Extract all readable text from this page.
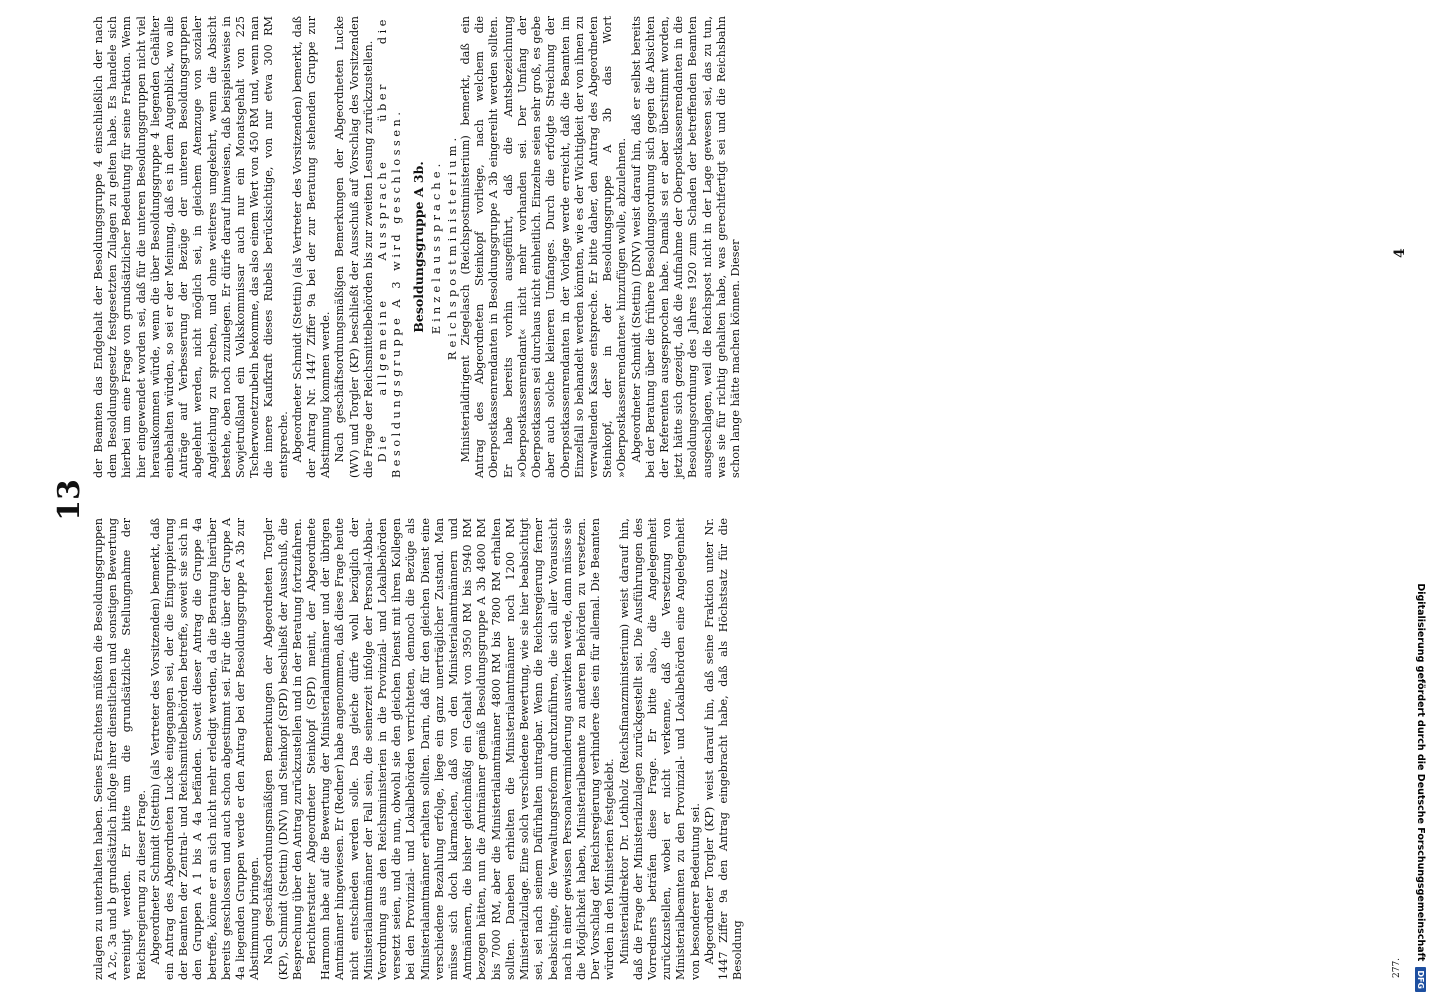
Digitalisierung gefördert durch die Deutsche Forschungsgemeinschaft
DFG
13

zulagen zu unterhalten haben. Seines Erachtens müßten die Besoldungsgruppen A 2c, 3a und b grundsätzlich infolge ihrer dienstlichen und sonstigen Bewertung vereinigt werden. Er bitte um die grundsätzliche Stellungnahme der Reichsregierung zu dieser Frage. Abgeordneter Schmidt (Stettin) (als Vertreter des Vorsitzenden) bemerkt, daß ein Antrag des Abgeordneten Lucke eingegangen sei, der die Eingruppierung der Beamten der Zentral- und Reichsmittelbehörden betreffe, soweit sie sich in den Gruppen A 1 bis A 4a befänden. Soweit dieser Antrag die Gruppe 4a betreffe, könne er an sich nicht mehr erledigt werden, da die Beratung hierüber bereits geschlossen und auch schon abgestimmt sei. Für die über der Gruppe A 4a liegenden Gruppen werde er den Antrag bei der Besoldungsgruppe A 3b zur Abstimmung bringen. Nach geschäftsordnungsmäßigen Bemerkungen der Abgeordneten Torgler (KP), Schmidt (Stettin) (DNV) und Steinkopf (SPD) beschließt der Ausschuß, die Besprechung über den Antrag zurückzustellen und in der Beratung fortzufahren. Berichterstatter Abgeordneter Steinkopf (SPD) meint, der Abgeordnete Harmonn habe auf die Bewertung der Ministerialamtmänner und der übrigen Amtmänner hingewiesen. Er (Redner) habe angenommen, daß diese Frage heute nicht entschieden werden solle. Das gleiche dürfe wohl bezüglich der Ministerialamtmänner der Fall sein, die seinerzeit infolge der Personal-Abbau-Verordnung aus den Reichsministerien in die Provinzial- und Lokalbehörden versetzt seien, und die nun, obwohl sie den gleichen Dienst mit ihren Kollegen bei den Provinzial- und Lokalbehörden verrichteten, dennoch die Bezüge als Ministerialamtmänner erhalten sollten. Darin, daß für den gleichen Dienst eine verschiedene Bezahlung erfolge, liege ein ganz unerträglicher Zustand. Man müsse sich doch klarmachen, daß von den Ministerialamtmännern und Amtmännern, die bisher gleichmäßig ein Gehalt von 3950 RM bis 5940 RM bezogen hätten, nun die Amtmänner gemäß Besoldungsgruppe A 3b 4800 RM bis 7000 RM, aber die Ministerialamtmänner 4800 RM bis 7800 RM erhalten sollten. Daneben erhielten die Ministerialamtmänner noch 1200 RM Ministerialzulage. Eine solch verschiedene Bewertung, wie sie hier beabsichtigt sei, sei nach seinem Dafürhalten untragbar. Wenn die Reichsregierung ferner beabsichtige, die Verwaltungsreform durchzuführen, die sich aller Voraussicht nach in einer gewissen Personalverminderung auswirken werde, dann müsse sie die Möglichkeit haben, Ministerialbeamte zu anderen Behörden zu versetzen. Der Vorschlag der Reichsregierung verhindere dies ein für allemal. Die Beamten würden in den Ministerien festgeklebt. Ministerialdirektor Dr. Lothholz (Reichsfinanzministerium) weist darauf hin, daß die Frage der Ministerialzulagen zurückgestellt sei. Die Ausführungen des Vorredners beträfen diese Frage. Er bitte also, die Angelegenheit zurückzustellen, wobei er nicht verkenne, daß die Versetzung von Ministerialbeamten zu den Provinzial- und Lokalbehörden eine Angelegenheit von besonderer Bedeutung sei. Abgeordneter Torgler (KP) weist darauf hin, daß seine Fraktion unter Nr. 1447 Ziffer 9a den Antrag eingebracht habe, daß als Höchstsatz für die Besoldung

der Beamten das Endgehalt der Besoldungsgruppe 4 einschließlich der nach dem Besoldungsgesetz festgesetzten Zulagen zu gelten habe. Es handele sich hierbei um eine Frage von grundsätzlicher Bedeutung für seine Fraktion. Wenn hier eingewendet worden sei, daß für die unteren Besoldungsgruppen nicht viel herauskommen würde, wenn die über Besoldungsgruppe 4 liegenden Gehälter einbehalten würden, so sei er der Meinung, daß es in dem Augenblick, wo alle Anträge auf Verbesserung der Bezüge der unteren Besoldungsgruppen abgelehnt werden, nicht möglich sei, in gleichem Atemzuge von sozialer Angleichung zu sprechen, und ohne weiteres umgekehrt, wenn die Absicht bestehe, oben noch zuzulegen. Er dürfe darauf hinweisen, daß beispielsweise in Sowjetrußland ein Volkskommissar auch nur ein Monatsgehalt von 225 Tscherwonetzrubeln bekomme, das also einem Wert von 450 RM und, wenn man die innere Kaufkraft dieses Rubels berücksichtige, von nur etwa 300 RM entspreche. Abgeordneter Schmidt (Stettin) (als Vertreter des Vorsitzenden) bemerkt, daß der Antrag Nr. 1447 Ziffer 9a bei der zur Beratung stehenden Gruppe zur Abstimmung kommen werde. Nach geschäftsordnungsmäßigen Bemerkungen der Abgeordneten Lucke (WV) und Torgler (KP) beschließt der Ausschuß auf Vorschlag des Vorsitzenden die Frage der Reichsmittelbehörden bis zur zweiten Lesung zurückzustellen. Die allgemeine Aussprache über die Besoldungsgruppe A 3 wird geschlossen. Besoldungsgruppe A 3b. Einzelaussprache. Reichspostministerium. Ministerialdirigent Ziegelasch (Reichspostministerium) bemerkt, daß ein Antrag des Abgeordneten Steinkopf vorliege, nach welchem die Oberpostkassenrendanten in Besoldungsgruppe A 3b eingereiht werden sollten. Er habe bereits vorhin ausgeführt, daß die Amtsbezeichnung »Oberpostkassenrendant« nicht mehr vorhanden sei. Der Umfang der Oberpostkassen sei durchaus nicht einheitlich. Einzelne seien sehr groß, es gebe aber auch solche kleineren Umfanges. Durch die erfolgte Streichung der Oberpostkassenrendanten in der Vorlage werde erreicht, daß die Beamten im Einzelfall so behandelt werden könnten, wie es der Wichtigkeit der von ihnen zu verwaltenden Kasse entspreche. Er bitte daher, den Antrag des Abgeordneten Steinkopf, der in der Besoldungsgruppe A 3b das Wort »Oberpostkassenrendanten« hinzufügen wolle, abzulehnen. Abgeordneter Schmidt (Stettin) (DNV) weist darauf hin, daß er selbst bereits bei der Beratung über die frühere Besoldungsordnung sich gegen die Absichten der Referenten ausgesprochen habe. Damals sei er aber überstimmt worden, jetzt hätte sich gezeigt, daß die Aufnahme der Oberpostkassenrendanten in die Besoldungsordnung des Jahres 1920 zum Schaden der betreffenden Beamten ausgeschlagen, weil die Reichspost nicht in der Lage gewesen sei, das zu tun, was sie für richtig gehalten habe, was gerechtfertigt sei und die Reichsbahn schon lange hätte machen können. Dieser

277.
4
